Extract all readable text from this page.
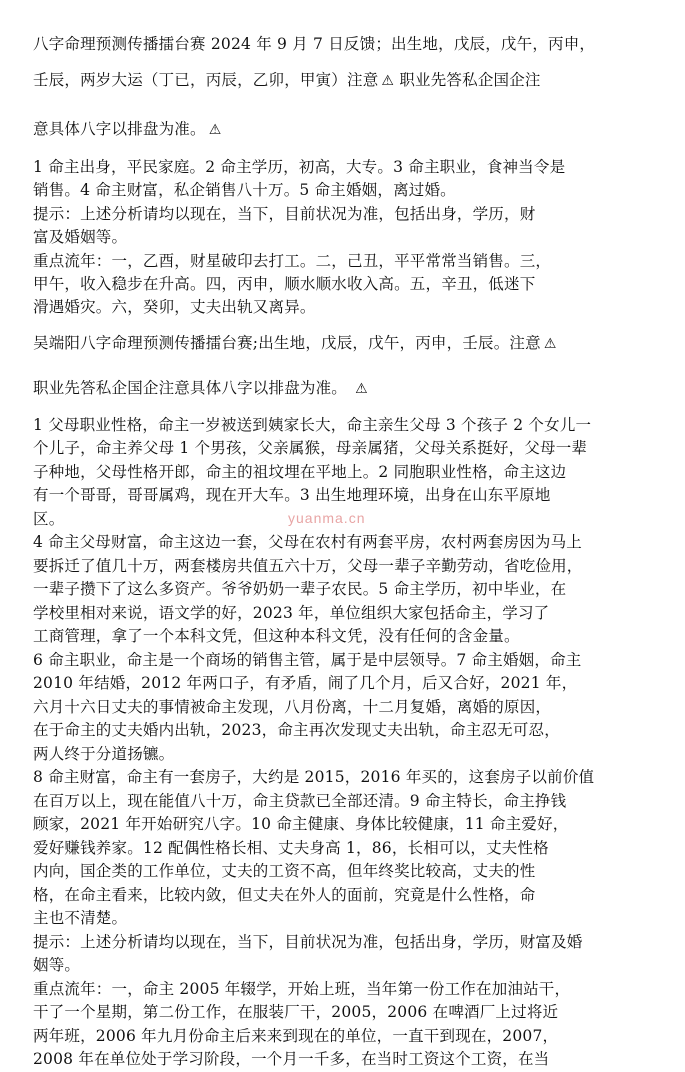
八字命理预测传播擂台赛 2024 年 9 月 7 日反馈；出生地，戊辰，戊午，丙申，
壬辰，两岁大运（丁已，丙辰，乙卯，甲寅）注意 ⚠ 职业先答私企国企注
意具体八字以排盘为准。 ⚠
1 命主出身，平民家庭。2 命主学历，初高，大专。3 命主职业，食神当令是
销售。4 命主财富，私企销售八十万。5 命主婚姻，离过婚。
提示：上述分析请均以现在，当下，目前状况为准，包括出身，学历，财
富及婚姻等。
重点流年：一，乙酉，财星破印去打工。二，己丑，平平常常当销售。三，
甲午，收入稳步在升高。四，丙申，顺水顺水收入高。五，辛丑，低迷下
滑遇婚灾。六，癸卯，丈夫出轨又离异。
吴端阳八字命理预测传播擂台赛;出生地，戊辰，戊午，丙申，壬辰。注意 ⚠
职业先答私企国企注意具体八字以排盘为准。 ⚠
1 父母职业性格，命主一岁被送到姨家长大，命主亲生父母 3 个孩子 2 个女儿一
个儿子，命主养父母 1 个男孩，父亲属猴，母亲属猪，父母关系挺好，父母一辈
子种地，父母性格开郎，命主的祖坟埋在平地上。2 同胞职业性格，命主这边
有一个哥哥，哥哥属鸡，现在开大车。3 出生地理环境，出身在山东平原地
区。
4 命主父母财富，命主这边一套，父母在农村有两套平房，农村两套房因为马上
要拆迁了值几十万，两套楼房共值五六十万，父母一辈子辛勤劳动，省吃俭用，
一辈子攒下了这么多资产。爷爷奶奶一辈子农民。5 命主学历，初中毕业，在
学校里相对来说，语文学的好，2023 年，单位组织大家包括命主，学习了
工商管理，拿了一个本科文凭，但这种本科文凭，没有任何的含金量。
6 命主职业，命主是一个商场的销售主管，属于是中层领导。7 命主婚姻，命主
2010 年结婚，2012 年两口子，有矛盾，闹了几个月，后又合好，2021 年，
六月十六日丈夫的事情被命主发现，八月份离，十二月复婚，离婚的原因，
在于命主的丈夫婚内出轨，2023，命主再次发现丈夫出轨，命主忍无可忍，
两人终于分道扬镳。
8 命主财富，命主有一套房子，大约是 2015，2016 年买的，这套房子以前价值
在百万以上，现在能值八十万，命主贷款已全部还清。9 命主特长，命主挣钱
顾家，2021 年开始研究八字。10 命主健康、身体比较健康，11 命主爱好，
爱好赚钱养家。12 配偶性格长相、丈夫身高 1，86，长相可以，丈夫性格
内向，国企类的工作单位，丈夫的工资不高，但年终奖比较高，丈夫的性
格，在命主看来，比较内敛，但丈夫在外人的面前，究竟是什么性格，命
主也不清楚。
提示：上述分析请均以现在，当下，目前状况为准，包括出身，学历，财富及婚
姻等。
重点流年：一，命主 2005 年辍学，开始上班，当年第一份工作在加油站干，
干了一个星期，第二份工作，在服装厂干，2005，2006 在啤酒厂上过将近
两年班，2006 年九月份命主后来来到现在的单位，一直干到现在，2007，
2008 年在单位处于学习阶段，一个月一千多，在当时工资这个工资，在当
yuanma.cn
